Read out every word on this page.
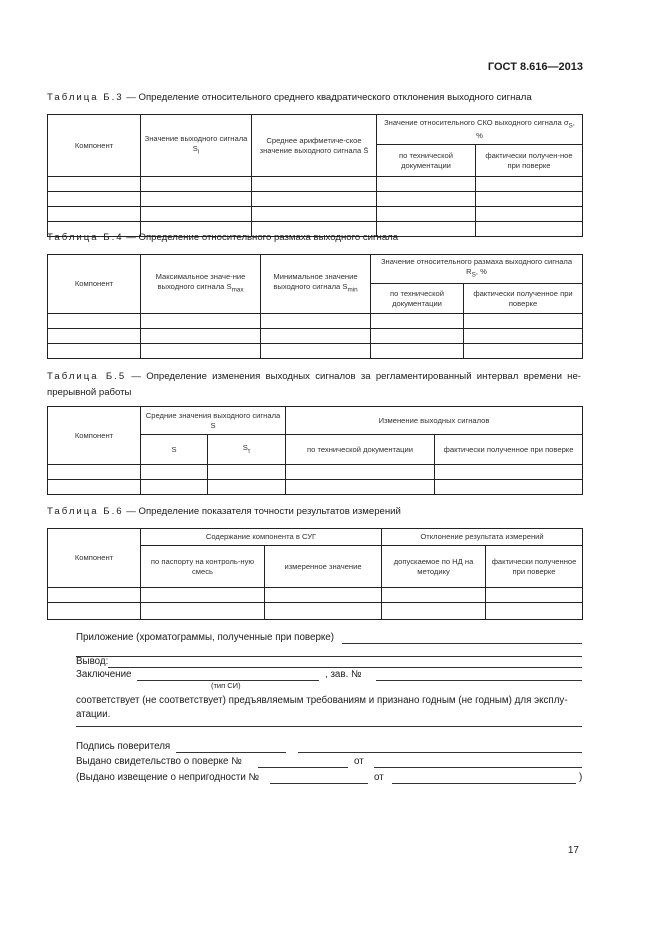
ГОСТ 8.616—2013
Таблица Б.3 — Определение относительного среднего квадратического отклонения выходного сигнала
Компонент	Значение выходного сигнала $S_i$	Среднее арифметиче-ское значение выходного сигнала S̄	Значение относительного СКО выходного сигнала $\sigma_S$, %	
			по технической документации	фактически получен-ное при поверке

Таблица Б.4 — Определение относительного размаха выходного сигнала
Компонент	Максимальное значе-ние выходного сигнала $S_{max}$	Минимальное значение выходного сигнала $S_{min}$	Значение относительного размаха выходного сигнала $R_S$, %	
			по технической документации	фактически полученное при поверке

Таблица Б.5 — Определение изменения выходных сигналов за регламентированный интервал времени не-прерывной работы
Компонент	Средние значения выходного сигнала S		Изменение выходных сигналов	
	S	$S_\tau$	по технической документации	фактически полученное при поверке

Таблица Б.6 — Определение показателя точности результатов измерений
Компонент	Содержание компонента в СУГ		Отклонение результата измерений	
	по паспорту на контроль-ную смесь	измеренное значение	допускаемое по НД на методику	фактически полученное при поверке

Приложение (хроматограммы, полученные при поверке)
Вывод:
Заключение	, зав. №
(тип СИ)
соответствует (не соответствует) предъявляемым требованиям и признано годным (не годным) для эксплу-атации.
Подпись поверителя
Выдано свидетельство о поверке №	от
(Выдано извещение о непригодности №	от	)
17
